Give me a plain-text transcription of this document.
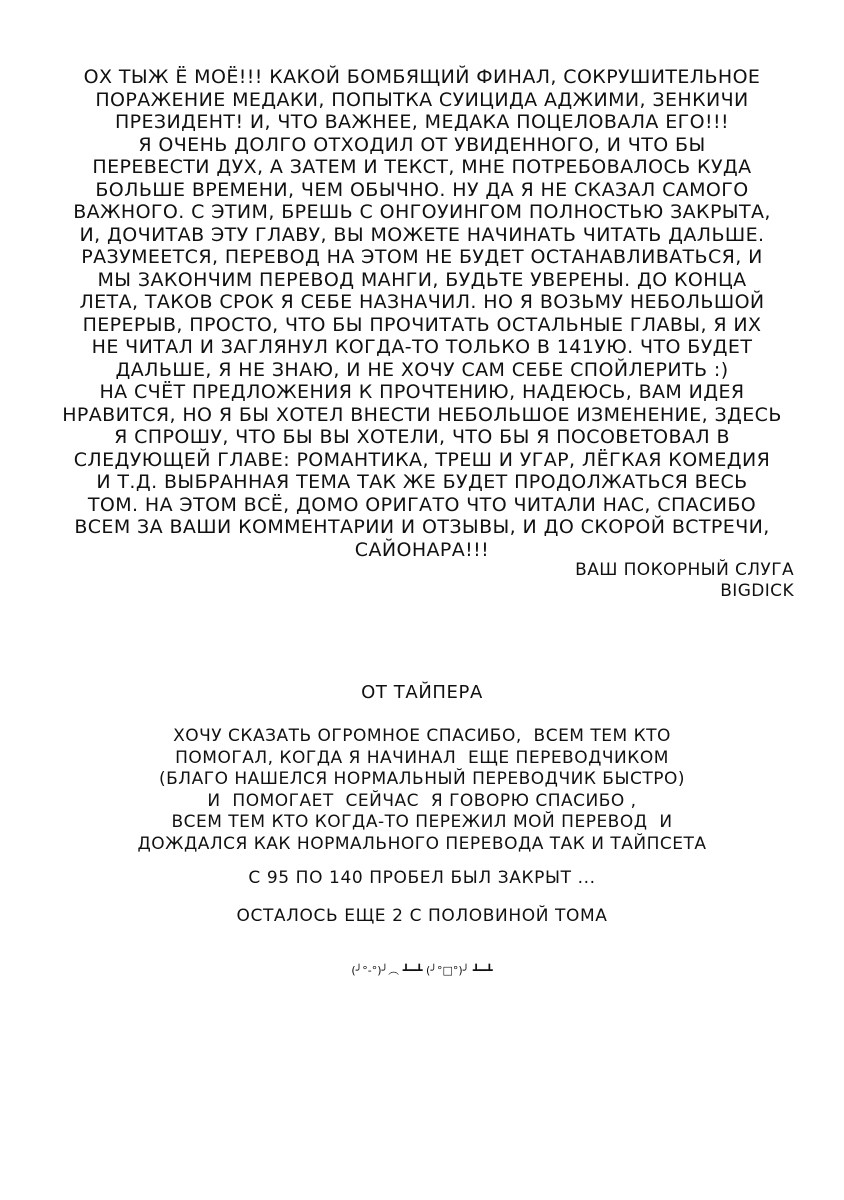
ОХ ТЫЖ Ё МОЁ!!! КАКОЙ БОМБЯЩИЙ ФИНАЛ, СОКРУШИТЕЛЬНОЕ
ПОРАЖЕНИЕ МЕДАКИ, ПОПЫТКА СУИЦИДА АДЖИМИ, ЗЕНКИЧИ
ПРЕЗИДЕНТ! И, ЧТО ВАЖНЕЕ, МЕДАКА ПОЦЕЛОВАЛА ЕГО!!!
Я ОЧЕНЬ ДОЛГО ОТХОДИЛ ОТ УВИДЕННОГО, И ЧТО БЫ
ПЕРЕВЕСТИ ДУХ, А ЗАТЕМ И ТЕКСТ, МНЕ ПОТРЕБОВАЛОСЬ КУДА
БОЛЬШЕ ВРЕМЕНИ, ЧЕМ ОБЫЧНО. НУ ДА Я НЕ СКАЗАЛ САМОГО
ВАЖНОГО. С ЭТИМ, БРЕШЬ С ОНГОУИНГОМ ПОЛНОСТЬЮ ЗАКРЫТА,
И, ДОЧИТАВ ЭТУ ГЛАВУ, ВЫ МОЖЕТЕ НАЧИНАТЬ ЧИТАТЬ ДАЛЬШЕ.
РАЗУМЕЕТСЯ, ПЕРЕВОД НА ЭТОМ НЕ БУДЕТ ОСТАНАВЛИВАТЬСЯ, И
МЫ ЗАКОНЧИМ ПЕРЕВОД МАНГИ, БУДЬТЕ УВЕРЕНЫ. ДО КОНЦА
ЛЕТА, ТАКОВ СРОК Я СЕБЕ НАЗНАЧИЛ. НО Я ВОЗЬМУ НЕБОЛЬШОЙ
ПЕРЕРЫВ, ПРОСТО, ЧТО БЫ ПРОЧИТАТЬ ОСТАЛЬНЫЕ ГЛАВЫ, Я ИХ
НЕ ЧИТАЛ И ЗАГЛЯНУЛ КОГДА-ТО ТОЛЬКО В 141УЮ. ЧТО БУДЕТ
ДАЛЬШЕ, Я НЕ ЗНАЮ, И НЕ ХОЧУ САМ СЕБЕ СПОЙЛЕРИТЬ :)
НА СЧЁТ ПРЕДЛОЖЕНИЯ К ПРОЧТЕНИЮ, НАДЕЮСЬ, ВАМ ИДЕЯ
НРАВИТСЯ, НО Я БЫ ХОТЕЛ ВНЕСТИ НЕБОЛЬШОЕ ИЗМЕНЕНИЕ, ЗДЕСЬ
Я СПРОШУ, ЧТО БЫ ВЫ ХОТЕЛИ, ЧТО БЫ Я ПОСОВЕТОВАЛ В
СЛЕДУЮЩЕЙ ГЛАВЕ: РОМАНТИКА, ТРЕШ И УГАР, ЛЁГКАЯ КОМЕДИЯ
И Т.Д. ВЫБРАННАЯ ТЕМА ТАК ЖЕ БУДЕТ ПРОДОЛЖАТЬСЯ ВЕСЬ
ТОМ. НА ЭТОМ ВСЁ, ДОМО ОРИГАТО ЧТО ЧИТАЛИ НАС, СПАСИБО
ВСЕМ ЗА ВАШИ КОММЕНТАРИИ И ОТЗЫВЫ, И ДО СКОРОЙ ВСТРЕЧИ,
САЙОНАРА!!!
ВАШ ПОКОРНЫЙ СЛУГА
BIGDICK
ОТ ТАЙПЕРА
ХОЧУ СКАЗАТЬ ОГРОМНОЕ СПАСИБО,  ВСЕМ ТЕМ КТО
ПОМОГАЛ, КОГДА Я НАЧИНАЛ  ЕЩЕ ПЕРЕВОДЧИКОМ
(БЛАГО НАШЕЛСЯ НОРМАЛЬНЫЙ ПЕРЕВОДЧИК БЫСТРО)
И  ПОМОГАЕТ  СЕЙЧАС  Я ГОВОРЮ СПАСИБО ,
ВСЕМ ТЕМ КТО КОГДА-ТО ПЕРЕЖИЛ МОЙ ПЕРЕВОД  И
ДОЖДАЛСЯ КАК НОРМАЛЬНОГО ПЕРЕВОДА ТАК И ТАЙПСЕТА
С 95 ПО 140 ПРОБЕЛ БЫЛ ЗАКРЫТ ...
ОСТАЛОСЬ ЕЩЕ 2 С ПОЛОВИНОЙ ТОМА
(╯°-°)╯︵ ┻━┻ (╯°□°)╯ ┻━┻
